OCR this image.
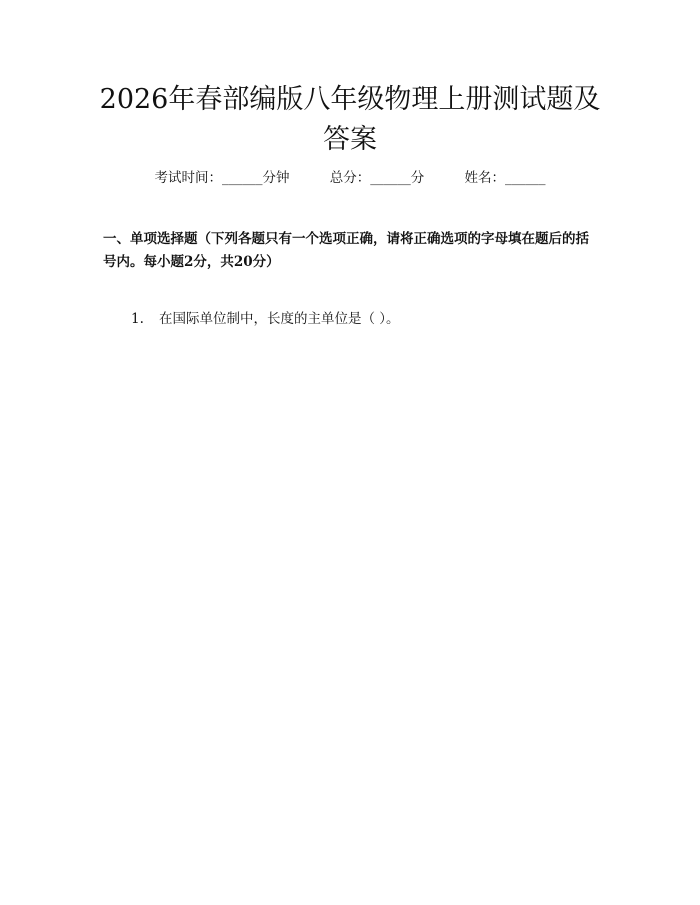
2026年春部编版八年级物理上册测试题及答案
考试时间：______分钟	总分：______分	姓名：______

一、单项选择题（下列各题只有一个选项正确，请将正确选项的字母填在题后的括号内。每小题2分，共20分）

1. 在国际单位制中，长度的主单位是（ ）。
